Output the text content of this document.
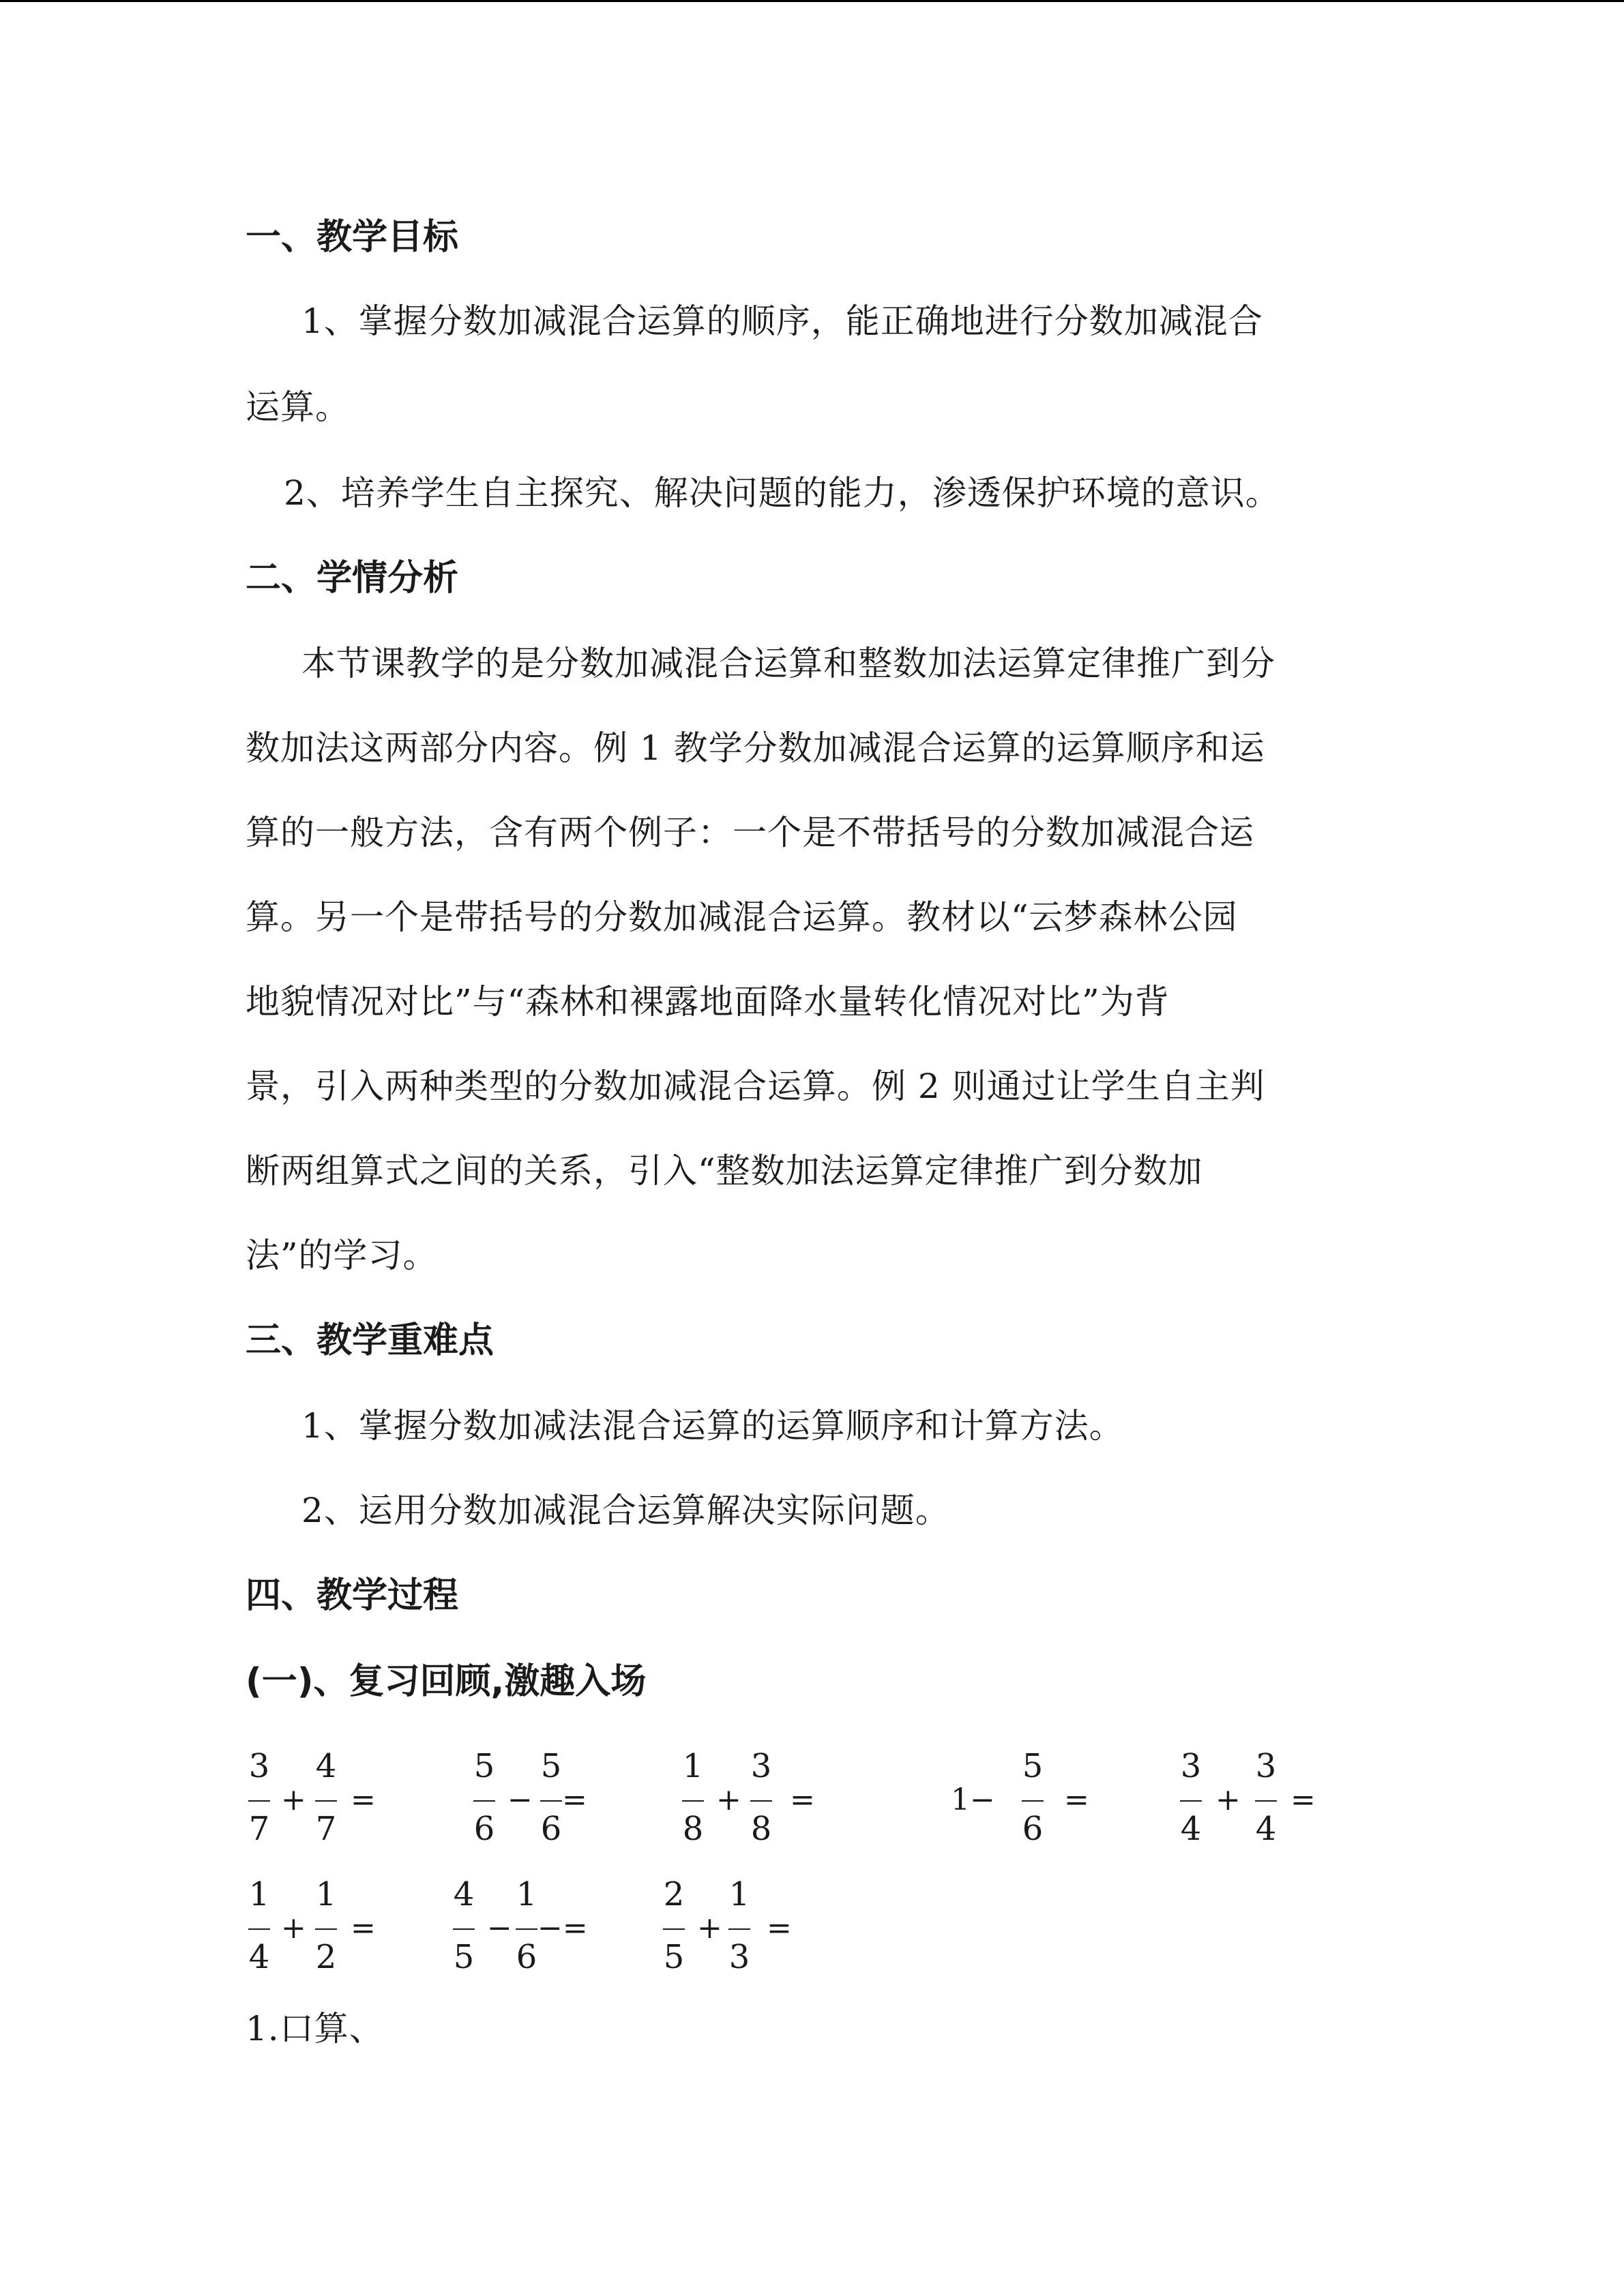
一、教学目标
1、掌握分数加减混合运算的顺序，能正确地进行分数加减混合
运算。
2、培养学生自主探究、解决问题的能力，渗透保护环境的意识。
二、学情分析
本节课教学的是分数加减混合运算和整数加法运算定律推广到分
数加法这两部分内容。例 1 教学分数加减混合运算的运算顺序和运
算的一般方法，含有两个例子：一个是不带括号的分数加减混合运
算。另一个是带括号的分数加减混合运算。教材以“云梦森林公园
地貌情况对比”与“森林和裸露地面降水量转化情况对比”为背
景，引入两种类型的分数加减混合运算。例 2 则通过让学生自主判
断两组算式之间的关系，引入“整数加法运算定律推广到分数加
法”的学习。
三、教学重难点
1、掌握分数加减法混合运算的运算顺序和计算方法。
2、运用分数加减混合运算解决实际问题。
四、教学过程
(一)、复习回顾,激趣入场
3
7
+
4
7
=
5
6
−
5
6
=
1
8
+
3
8
=	1−
5
6
=
3
4
+
3
4
=
1
4
+
1
2
=
4
5
−
1
6
−=
2
5
+
1
3
=
1.口算、
